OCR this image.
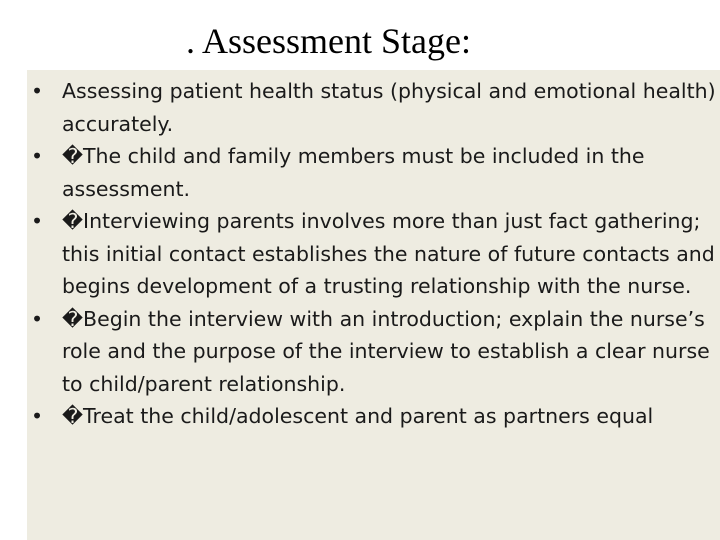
. Assessment Stage:
• Assessing patient health status (physical and emotional health) accurately.
• �The child and family members must be included in the assessment.
• �Interviewing parents involves more than just fact gathering; this initial contact establishes the nature of future contacts and begins development of a trusting relationship with the nurse.
• �Begin the interview with an introduction; explain the nurse’s role and the purpose of the interview to establish a clear nurse to child/parent relationship.
• �Treat the child/adolescent and parent as partners equal
